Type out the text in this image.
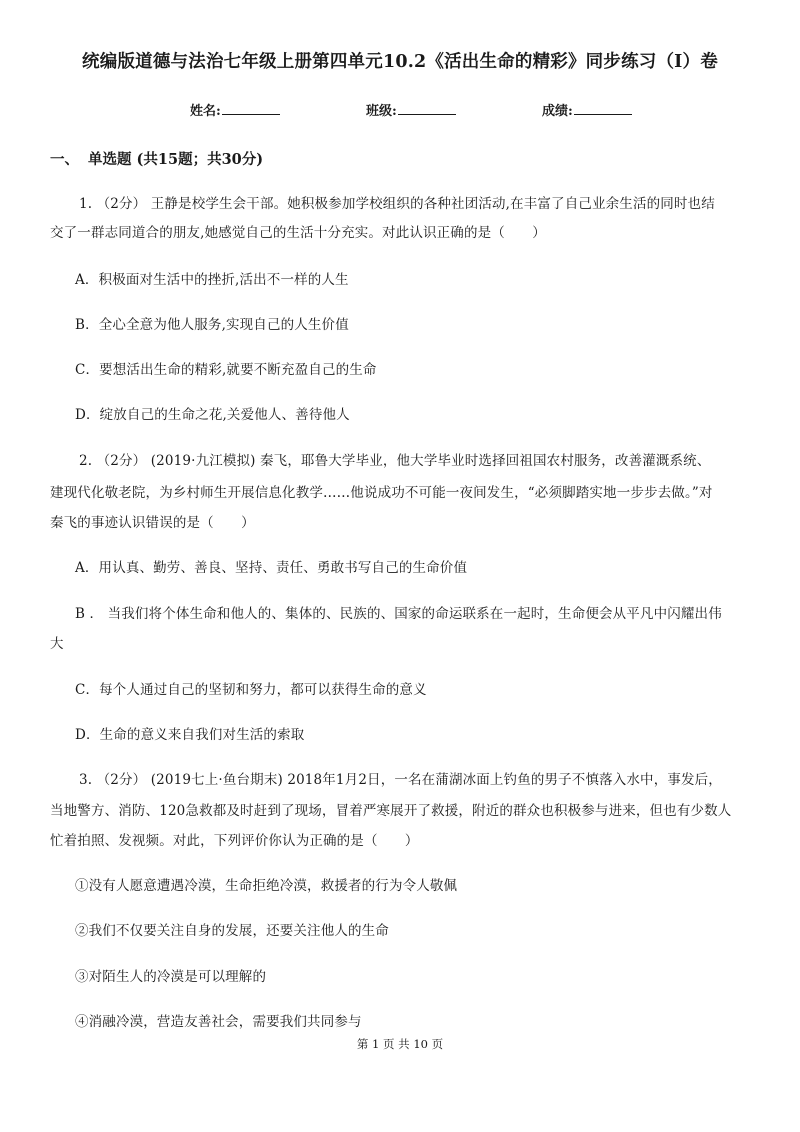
统编版道德与法治七年级上册第四单元10.2《活出生命的精彩》同步练习（I）卷
姓名:	班级:	成绩:
一、 单选题 (共15题；共30分)
1. （2分） 王静是校学生会干部。她积极参加学校组织的各种社团活动,在丰富了自己业余生活的同时也结
交了一群志同道合的朋友,她感觉自己的生活十分充实。对此认识正确的是（　　）
A．积极面对生活中的挫折,活出不一样的人生
B．全心全意为他人服务,实现自己的人生价值
C．要想活出生命的精彩,就要不断充盈自己的生命
D．绽放自己的生命之花,关爱他人、善待他人
2. （2分） (2019·九江模拟) 秦飞，耶鲁大学毕业，他大学毕业时选择回祖国农村服务，改善灌溉系统、
建现代化敬老院，为乡村师生开展信息化教学……他说成功不可能一夜间发生，“必须脚踏实地一步步去做。”对
秦飞的事迹认识错误的是（　　）
A．用认真、勤劳、善良、坚持、责任、勇敢书写自己的生命价值
B ． 当我们将个体生命和他人的、集体的、民族的、国家的命运联系在一起时，生命便会从平凡中闪耀出伟
大
C．每个人通过自己的坚韧和努力，都可以获得生命的意义
D．生命的意义来自我们对生活的索取
3. （2分） (2019七上·鱼台期末) 2018年1月2日，一名在蒲湖冰面上钓鱼的男子不慎落入水中，事发后，
当地警方、消防、120急救都及时赶到了现场，冒着严寒展开了救援，附近的群众也积极参与进来，但也有少数人
忙着拍照、发视频。对此，下列评价你认为正确的是（　　）
①没有人愿意遭遇冷漠，生命拒绝冷漠，救援者的行为令人敬佩
②我们不仅要关注自身的发展，还要关注他人的生命
③对陌生人的冷漠是可以理解的
④消融冷漠，营造友善社会，需要我们共同参与
第 1 页 共 10 页
